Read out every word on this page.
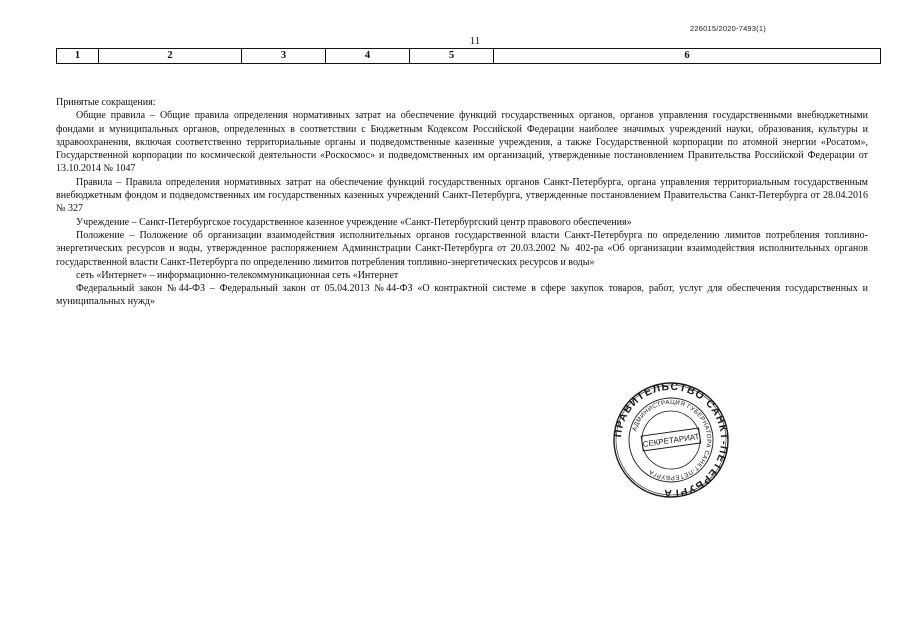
226015/2020-7493(1)
11
1	2	3	4	5	6

Принятые сокращения:

Общие правила – Общие правила определения нормативных затрат на обеспечение функций государственных органов, органов управления государственными внебюджетными фондами и муниципальных органов, определенных в соответствии с Бюджетным Кодексом Российской Федерации наиболее значимых учреждений науки, образования, культуры и здравоохранения, включая соответственно территориальные органы и подведомственные казенные учреждения, а также Государственной корпорации по атомной энергии «Росатом», Государственной корпорации по космической деятельности «Роскосмос» и подведомственных им организаций, утвержденные постановлением Правительства Российской Федерации от 13.10.2014 № 1047

Правила – Правила определения нормативных затрат на обеспечение функций государственных органов Санкт-Петербурга, органа управления территориальным государственным внебюджетным фондом и подведомственных им государственных казенных учреждений Санкт-Петербурга, утвержденные постановлением Правительства Санкт-Петербурга от 28.04.2016 № 327

Учреждение – Санкт-Петербургское государственное казенное учреждение «Санкт-Петербургский центр правового обеспечения»

Положение – Положение об организации взаимодействия исполнительных органов государственной власти Санкт-Петербурга по определению лимитов потребления топливно-энергетических ресурсов и воды, утвержденное распоряжением Администрации Санкт-Петербурга от 20.03.2002 № 402-ра «Об организации взаимодействия исполнительных органов государственной власти Санкт-Петербурга по определению лимитов потребления топливно-энергетических ресурсов и воды»

сеть «Интернет» – информационно-телекоммуникационная сеть «Интернет

Федеральный закон №44-ФЗ – Федеральный закон от 05.04.2013 №44-ФЗ «О контрактной системе в сфере закупок товаров, работ, услуг для обеспечения государственных и муниципальных нужд»

ПРАВИТЕЛЬСТВО САНКТ-ПЕТЕРБУРГА
АДМИНИСТРАЦИЯ ГУБЕРНАТОРА САНКТ-ПЕТЕРБУРГА
СЕКРЕТАРИАТ
